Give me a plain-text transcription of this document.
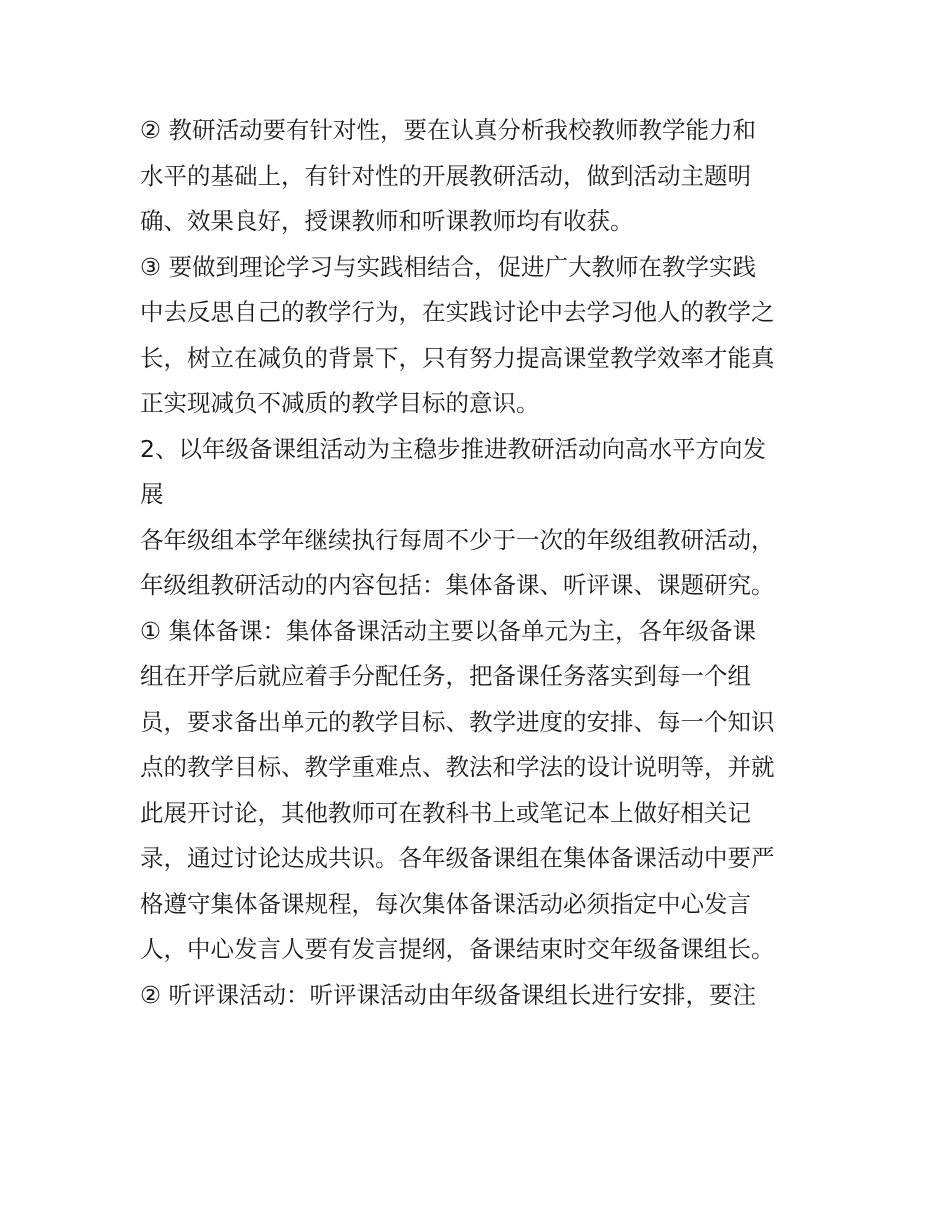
② 教研活动要有针对性，要在认真分析我校教师教学能力和
水平的基础上，有针对性的开展教研活动，做到活动主题明
确、效果良好，授课教师和听课教师均有收获。
③ 要做到理论学习与实践相结合，促进广大教师在教学实践
中去反思自己的教学行为，在实践讨论中去学习他人的教学之
长，树立在减负的背景下，只有努力提高课堂教学效率才能真
正实现减负不减质的教学目标的意识。
2、以年级备课组活动为主稳步推进教研活动向高水平方向发
展
各年级组本学年继续执行每周不少于一次的年级组教研活动，
年级组教研活动的内容包括：集体备课、听评课、课题研究。
① 集体备课：集体备课活动主要以备单元为主，各年级备课
组在开学后就应着手分配任务，把备课任务落实到每一个组
员，要求备出单元的教学目标、教学进度的安排、每一个知识
点的教学目标、教学重难点、教法和学法的设计说明等，并就
此展开讨论，其他教师可在教科书上或笔记本上做好相关记
录，通过讨论达成共识。各年级备课组在集体备课活动中要严
格遵守集体备课规程，每次集体备课活动必须指定中心发言
人，中心发言人要有发言提纲，备课结束时交年级备课组长。
② 听评课活动：听评课活动由年级备课组长进行安排，要注
